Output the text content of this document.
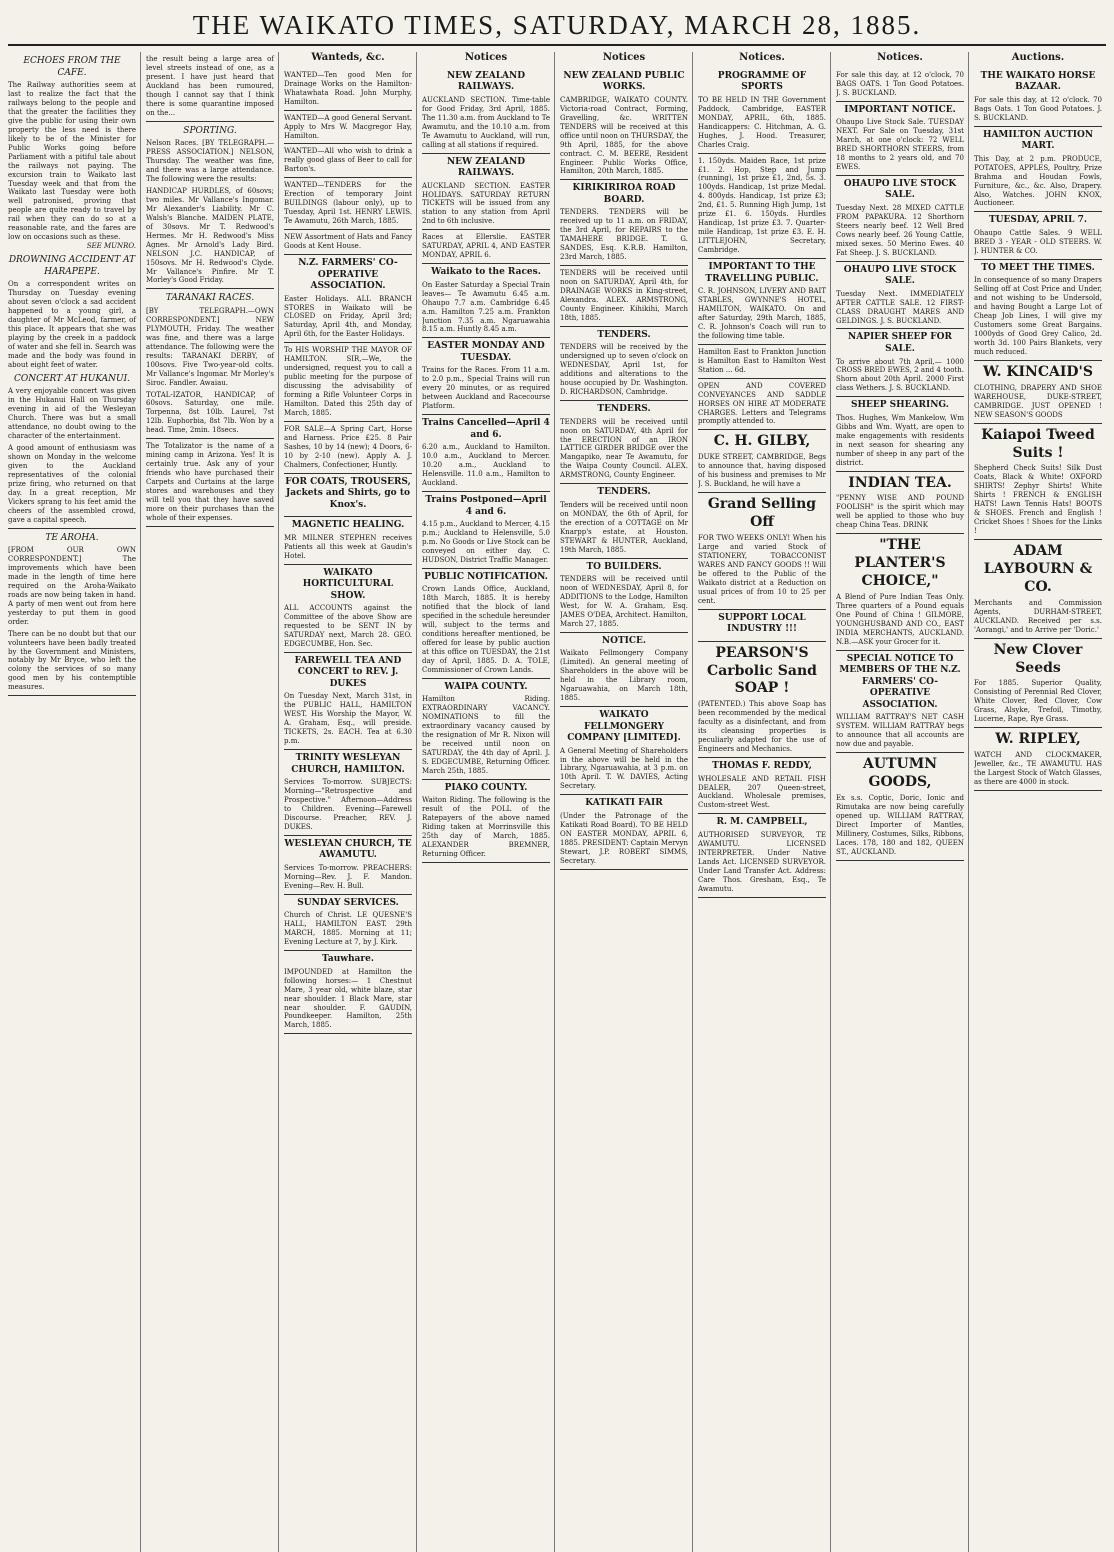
THE WAIKATO TIMES, SATURDAY, MARCH 28, 1885.
ECHOES FROM THE CAFE.
The Railway authorities seem at last to realize the fact that the railways belong to the people and that the greater the facilities they give the public for using their own property the less need is there likely to be of the Minister for Public Works going before Parliament with a pitiful tale about the railways not paying. The excursion train to Waikato last Tuesday week and that from the Waikato last Tuesday were both well patronised, proving that people are quite ready to travel by rail when they can do so at a reasonable rate, and the fares are low on occasions such as these.
SEE MUNRO.
DROWNING ACCIDENT AT HARAPEPE.
On a correspondent writes on Thursday on Tuesday evening about seven o'clock a sad accident happened to a young girl, a daughter of Mr McLeod, farmer, of this place. It appears that she was playing by the creek in a paddock of water and she fell in. Search was made and the body was found in about eight feet of water.
CONCERT AT HUKANUI.
A very enjoyable concert was given in the Hukanui Hall on Thursday evening in aid of the Wesleyan Church. There was but a small attendance, no doubt owing to the character of the entertainment.
A good amount of enthusiasm was shown on Monday in the welcome given to the Auckland representatives of the colonial prize firing, who returned on that day. In a great reception, Mr Vickers sprang to his feet amid the cheers of the assembled crowd, gave a capital speech.
TE AROHA.
[FROM OUR OWN CORRESPONDENT.] The improvements which have been made in the length of time here required on the Aroha-Waikato roads are now being taken in hand. A party of men went out from here yesterday to put them in good order.
There can be no doubt but that our volunteers have been badly treated by the Government and Ministers, notably by Mr Bryce, who left the colony the services of so many good men by his contemptible measures.
the result being a large area of level streets instead of one, as a present. I have just heard that Auckland has been rumoured, though I cannot say that I think there is some quarantine imposed on the...
SPORTING.
Nelson Races. [BY TELEGRAPH.—PRESS ASSOCIATION.] NELSON, Thursday. The weather was fine, and there was a large attendance. The following were the results:
HANDICAP HURDLES, of 60sovs; two miles. Mr Vallance's Ingomar. Mr Alexander's Liability. Mr C. Walsh's Blanche. MAIDEN PLATE, of 30sovs. Mr T. Redwood's Hermes. Mr H. Redwood's Miss Agnes. Mr Arnold's Lady Bird. NELSON J.C. HANDICAP, of 150sovs. Mr H. Redwood's Clyde. Mr Vallance's Pinfire. Mr T. Morley's Good Friday.
TARANAKI RACES.
[BY TELEGRAPH.—OWN CORRESPONDENT.] NEW PLYMOUTH, Friday. The weather was fine, and there was a large attendance. The following were the results: TARANAKI DERBY, of 100sovs. Five Two-year-old colts. Mr Vallance's Ingomar. Mr Morley's Siroc. Fandler. Awaiau.
TOTAL-IZATOR, HANDICAP, of 60sovs. Saturday, one mile. Torpenna, 8st 10lb. Laurel, 7st 12lb. Euphorbia, 8st 7lb. Won by a head. Time, 2min. 18secs.
The Totalizator is the name of a mining camp in Arizona. Yes! It is certainly true. Ask any of your friends who have purchased their Carpets and Curtains at the large stores and warehouses and they will tell you that they have saved more on their purchases than the whole of their expenses.
Wanteds, &c.
WANTED—Ten good Men for Drainage Works on the Hamilton-Whatawhata Road. John Murphy, Hamilton.
WANTED—A good General Servant. Apply to Mrs W. Macgregor Hay, Hamilton.
WANTED—All who wish to drink a really good glass of Beer to call for Barton's.
WANTED—TENDERS for the Erection of temporary Joint BUILDINGS (labour only), up to Tuesday, April 1st. HENRY LEWIS. Te Awamutu, 26th March, 1885.
NEW Assortment of Hats and Fancy Goods at Kent House.
N.Z. FARMERS' CO-OPERATIVE ASSOCIATION.
Easter Holidays. ALL BRANCH STORES in Waikato will be CLOSED on Friday, April 3rd; Saturday, April 4th, and Monday, April 6th, for the Easter Holidays.
To HIS WORSHIP THE MAYOR OF HAMILTON. SIR,—We, the undersigned, request you to call a public meeting for the purpose of discussing the advisability of forming a Rifle Volunteer Corps in Hamilton. Dated this 25th day of March, 1885.
FOR SALE—A Spring Cart, Horse and Harness. Price £25. 8 Pair Sashes, 10 by 14 (new); 4 Doors, 6-10 by 2-10 (new). Apply A. J. Chalmers, Confectioner, Huntly.
FOR COATS, TROUSERS, Jackets and Shirts, go to Knox's.
MAGNETIC HEALING.
MR MILNER STEPHEN receives Patients all this week at Gaudin's Hotel.
WAIKATO HORTICULTURAL SHOW.
ALL ACCOUNTS against the Committee of the above Show are requested to be SENT IN by SATURDAY next, March 28. GEO. EDGECUMBE, Hon. Sec.
FAREWELL TEA AND CONCERT to REV. J. DUKES
On Tuesday Next, March 31st, in the PUBLIC HALL, HAMILTON WEST. His Worship the Mayor, W. A. Graham, Esq., will preside. TICKETS, 2s. EACH. Tea at 6.30 p.m.
TRINITY WESLEYAN CHURCH, HAMILTON.
Services To-morrow. SUBJECTS: Morning—"Retrospective and Prospective." Afternoon—Address to Children. Evening—Farewell Discourse. Preacher, REV. J. DUKES.
WESLEYAN CHURCH, TE AWAMUTU.
Services To-morrow. PREACHERS: Morning—Rev. J. F. Mandon. Evening—Rev. H. Bull.
SUNDAY SERVICES.
Church of Christ. LE QUESNE'S HALL, HAMILTON EAST. 29th MARCH, 1885. Morning at 11; Evening Lecture at 7, by J. Kirk.
Tauwhare.
IMPOUNDED at Hamilton the following horses:— 1 Chestnut Mare, 3 year old, white blaze, star near shoulder. 1 Black Mare, star near shoulder. F. GAUDIN, Poundkeeper. Hamilton, 25th March, 1885.
Notices
NEW ZEALAND RAILWAYS.
AUCKLAND SECTION. Time-table for Good Friday, 3rd April, 1885. The 11.30 a.m. from Auckland to Te Awamutu, and the 10.10 a.m. from Te Awamutu to Auckland, will run, calling at all stations if required.
NEW ZEALAND RAILWAYS.
AUCKLAND SECTION. EASTER HOLIDAYS. SATURDAY RETURN TICKETS will be issued from any station to any station from April 2nd to 6th inclusive.
Races at Ellerslie. EASTER SATURDAY, APRIL 4, AND EASTER MONDAY, APRIL 6.
Waikato to the Races.
On Easter Saturday a Special Train leaves— Te Awamutu 6.45 a.m. Ohaupo 7.7 a.m. Cambridge 6.45 a.m. Hamilton 7.25 a.m. Frankton Junction 7.35 a.m. Ngaruawahia 8.15 a.m. Huntly 8.45 a.m.
EASTER MONDAY AND TUESDAY.
Trains for the Races. From 11 a.m. to 2.0 p.m., Special Trains will run every 20 minutes, or as required between Auckland and Racecourse Platform.
Trains Cancelled—April 4 and 6.
6.20 a.m., Auckland to Hamilton. 10.0 a.m., Auckland to Mercer. 10.20 a.m., Auckland to Helensville. 11.0 a.m., Hamilton to Auckland.
Trains Postponed—April 4 and 6.
4.15 p.m., Auckland to Mercer, 4.15 p.m.; Auckland to Helensville, 5.0 p.m. No Goods or Live Stock can be conveyed on either day. C. HUDSON, District Traffic Manager.
PUBLIC NOTIFICATION.
Crown Lands Office, Auckland, 18th March, 1885. It is hereby notified that the block of land specified in the schedule hereunder will, subject to the terms and conditions hereafter mentioned, be offered for lease by public auction at this office on TUESDAY, the 21st day of April, 1885. D. A. TOLE, Commissioner of Crown Lands.
WAIPA COUNTY.
Hamilton Riding. EXTRAORDINARY VACANCY. NOMINATIONS to fill the extraordinary vacancy caused by the resignation of Mr R. Nixon will be received until noon on SATURDAY, the 4th day of April. J. S. EDGECUMBE, Returning Officer. March 25th, 1885.
PIAKO COUNTY.
Waiton Riding. The following is the result of the POLL of the Ratepayers of the above named Riding taken at Morrinsville this 25th day of March, 1885. ALEXANDER BREMNER, Returning Officer.
Notices
NEW ZEALAND PUBLIC WORKS.
CAMBRIDGE, WAIKATO COUNTY. Victoria-road Contract, Forming, Gravelling, &c. WRITTEN TENDERS will be received at this office until noon on THURSDAY, the 9th April, 1885, for the above contract. C. M. BEERE, Resident Engineer. Public Works Office, Hamilton, 20th March, 1885.
KIRIKIRIROA ROAD BOARD.
TENDERS. TENDERS will be received up to 11 a.m. on FRIDAY, the 3rd April, for REPAIRS to the TAMAHERE BRIDGE. T. G. SANDES, Esq. K.R.B. Hamilton, 23rd March, 1885.
TENDERS will be received until noon on SATURDAY, April 4th, for DRAINAGE WORKS in King-street, Alexandra. ALEX. ARMSTRONG, County Engineer. Kihikihi, March 18th, 1885.
TENDERS.
TENDERS will be received by the undersigned up to seven o'clock on WEDNESDAY, April 1st, for additions and alterations to the house occupied by Dr. Washington. D. RICHARDSON, Cambridge.
TENDERS.
TENDERS will be received until noon on SATURDAY, 4th April for the ERECTION of an IRON LATTICE GIRDER BRIDGE over the Mangapiko, near Te Awamutu, for the Waipa County Council. ALEX. ARMSTRONG, County Engineer.
TENDERS.
Tenders will be received until noon on MONDAY, the 6th of April, for the erection of a COTTAGE on Mr Knarpp's estate, at Houston. STEWART & HUNTER, Auckland, 19th March, 1885.
TO BUILDERS.
TENDERS will be received until noon of WEDNESDAY, April 8, for ADDITIONS to the Lodge, Hamilton West, for W. A. Graham, Esq. JAMES O'DEA, Architect. Hamilton, March 27, 1885.
NOTICE.
Waikato Fellmongery Company (Limited). An general meeting of Shareholders in the above will be held in the Library room, Ngaruawahia, on March 18th, 1885.
WAIKATO FELLMONGERY COMPANY [LIMITED].
A General Meeting of Shareholders in the above will be held in the Library, Ngaruawahia, at 3 p.m. on 10th April. T. W. DAVIES, Acting Secretary.
KATIKATI FAIR
(Under the Patronage of the Katikati Road Board). TO BE HELD ON EASTER MONDAY, APRIL 6, 1885. PRESIDENT: Captain Mervyn Stewart, J.P. ROBERT SIMMS, Secretary.
Notices.
PROGRAMME OF SPORTS
TO BE HELD IN THE Government Paddock, Cambridge, EASTER MONDAY, APRIL, 6th, 1885. Handicappers: C. Hitchman, A. G. Hughes, J. Hood. Treasurer, Charles Craig.
1. 150yds. Maiden Race, 1st prize £1. 2. Hop, Step and Jump (running), 1st prize £1, 2nd, 5s. 3. 100yds. Handicap, 1st prize Medal. 4. 800yds. Handicap, 1st prize £3; 2nd, £1. 5. Running High Jump, 1st prize £1. 6. 150yds. Hurdles Handicap, 1st prize £3. 7. Quarter-mile Handicap, 1st prize £3. E. H. LITTLEJOHN, Secretary, Cambridge.
IMPORTANT TO THE TRAVELLING PUBLIC.
C. R. JOHNSON, LIVERY AND BAIT STABLES, GWYNNE'S HOTEL, HAMILTON, WAIKATO. On and after Saturday, 29th March, 1885, C. R. Johnson's Coach will run to the following time table.
Hamilton East to Frankton Junction is Hamilton East to Hamilton West Station ... 6d.
OPEN AND COVERED CONVEYANCES AND SADDLE HORSES ON HIRE AT MODERATE CHARGES. Letters and Telegrams promptly attended to.
C. H. GILBY,
DUKE STREET, CAMBRIDGE, Begs to announce that, having disposed of his business and premises to Mr J. S. Buckland, he will have a
Grand Selling Off
FOR TWO WEEKS ONLY! When his Large and varied Stock of STATIONERY, TOBACCONIST WARES AND FANCY GOODS !! Will be offered to the Public of the Waikato district at a Reduction on usual prices of from 10 to 25 per cent.
SUPPORT LOCAL INDUSTRY !!!
PEARSON'S Carbolic Sand SOAP !
(PATENTED.) This above Soap has been recommended by the medical faculty as a disinfectant, and from its cleansing properties is peculiarly adapted for the use of Engineers and Mechanics.
THOMAS F. REDDY,
WHOLESALE AND RETAIL FISH DEALER, 207 Queen-street, Auckland. Wholesale premises, Custom-street West.
R. M. CAMPBELL,
AUTHORISED SURVEYOR, TE AWAMUTU. LICENSED INTERPRETER. Under Native Lands Act. LICENSED SURVEYOR. Under Land Transfer Act. Address: Care Thos. Gresham, Esq., Te Awamutu.
Notices.
For sale this day, at 12 o'clock, 70 BAGS OATS. 1 Ton Good Potatoes. J. S. BUCKLAND.
IMPORTANT NOTICE.
Ohaupo Live Stock Sale. TUESDAY NEXT. For Sale on Tuesday, 31st March, at one o'clock: 72 WELL BRED SHORTHORN STEERS, from 18 months to 2 years old, and 70 EWES.
OHAUPO LIVE STOCK SALE.
Tuesday Next. 28 MIXED CATTLE FROM PAPAKURA. 12 Shorthorn Steers nearly beef. 12 Well Bred Cows nearly beef. 26 Young Cattle, mixed sexes. 50 Merino Ewes. 40 Fat Sheep. J. S. BUCKLAND.
OHAUPO LIVE STOCK SALE.
Tuesday Next. IMMEDIATELY AFTER CATTLE SALE. 12 FIRST-CLASS DRAUGHT MARES AND GELDINGS. J. S. BUCKLAND.
NAPIER SHEEP FOR SALE.
To arrive about 7th April,— 1000 CROSS BRED EWES, 2 and 4 tooth. Shorn about 20th April. 2000 First class Wethers. J. S. BUCKLAND.
SHEEP SHEARING.
Thos. Hughes, Wm Mankelow, Wm Gibbs and Wm. Wyatt, are open to make engagements with residents in next season for shearing any number of sheep in any part of the district.
INDIAN TEA.
"PENNY WISE AND POUND FOOLISH" is the spirit which may well be applied to those who buy cheap China Teas. DRINK
"THE PLANTER'S CHOICE,"
A Blend of Pure Indian Teas Only. Three quarters of a Pound equals One Pound of China ! GILMORE, YOUNGHUSBAND AND CO., EAST INDIA MERCHANTS, AUCKLAND. N.B.—ASK your Grocer for it.
SPECIAL NOTICE TO MEMBERS OF THE N.Z. FARMERS' CO-OPERATIVE ASSOCIATION.
WILLIAM RATTRAY'S NET CASH SYSTEM. WILLIAM RATTRAY begs to announce that all accounts are now due and payable.
AUTUMN GOODS,
Ex s.s. Coptic, Doric, Ionic and Rimutaka are now being carefully opened up. WILLIAM RATTRAY, Direct Importer of Mantles, Millinery, Costumes, Silks, Ribbons, Laces. 178, 180 and 182, QUEEN ST., AUCKLAND.
Auctions.
THE WAIKATO HORSE BAZAAR.
For sale this day, at 12 o'clock. 70 Bags Oats. 1 Ton Good Potatoes. J. S. BUCKLAND.
HAMILTON AUCTION MART.
This Day, at 2 p.m. PRODUCE, POTATOES, APPLES, Poultry, Prize Brahma and Houdan Fowls, Furniture, &c., &c. Also, Drapery. Also, Watches. JOHN KNOX, Auctioneer.
TUESDAY, APRIL 7.
Ohaupo Cattle Sales. 9 WELL BRED 3 - YEAR - OLD STEERS. W. J. HUNTER & CO.
TO MEET THE TIMES.
In consequence of so many Drapers Selling off at Cost Price and Under, and not wishing to be Undersold, and having Bought a Large Lot of Cheap Job Lines, I will give my Customers some Great Bargains. 1000yds of Good Grey Calico, 2d. worth 3d. 100 Pairs Blankets, very much reduced.
W. KINCAID'S
CLOTHING, DRAPERY AND SHOE WAREHOUSE, DUKE-STREET, CAMBRIDGE. JUST OPENED ! NEW SEASON'S GOODS
Kaiapoi Tweed Suits !
Shepherd Check Suits! Silk Dust Coats, Black & White! OXFORD SHIRTS! Zephyr Shirts! White Shirts ! FRENCH & ENGLISH HATS! Lawn Tennis Hats! BOOTS & SHOES. French and English ! Cricket Shoes ! Shoes for the Links !
ADAM LAYBOURN & CO.
Merchants and Commission Agents, DURHAM-STREET, AUCKLAND. Received per s.s. 'Aorangi,' and to Arrive per 'Doric.'
New Clover Seeds
For 1885. Superior Quality, Consisting of Perennial Red Clover, White Clover, Red Clover, Cow Grass, Alsyke, Trefoil, Timothy, Lucerne, Rape, Rye Grass.
W. RIPLEY,
WATCH AND CLOCKMAKER, Jeweller, &c., TE AWAMUTU. HAS the Largest Stock of Watch Glasses, as there are 4000 in stock.
